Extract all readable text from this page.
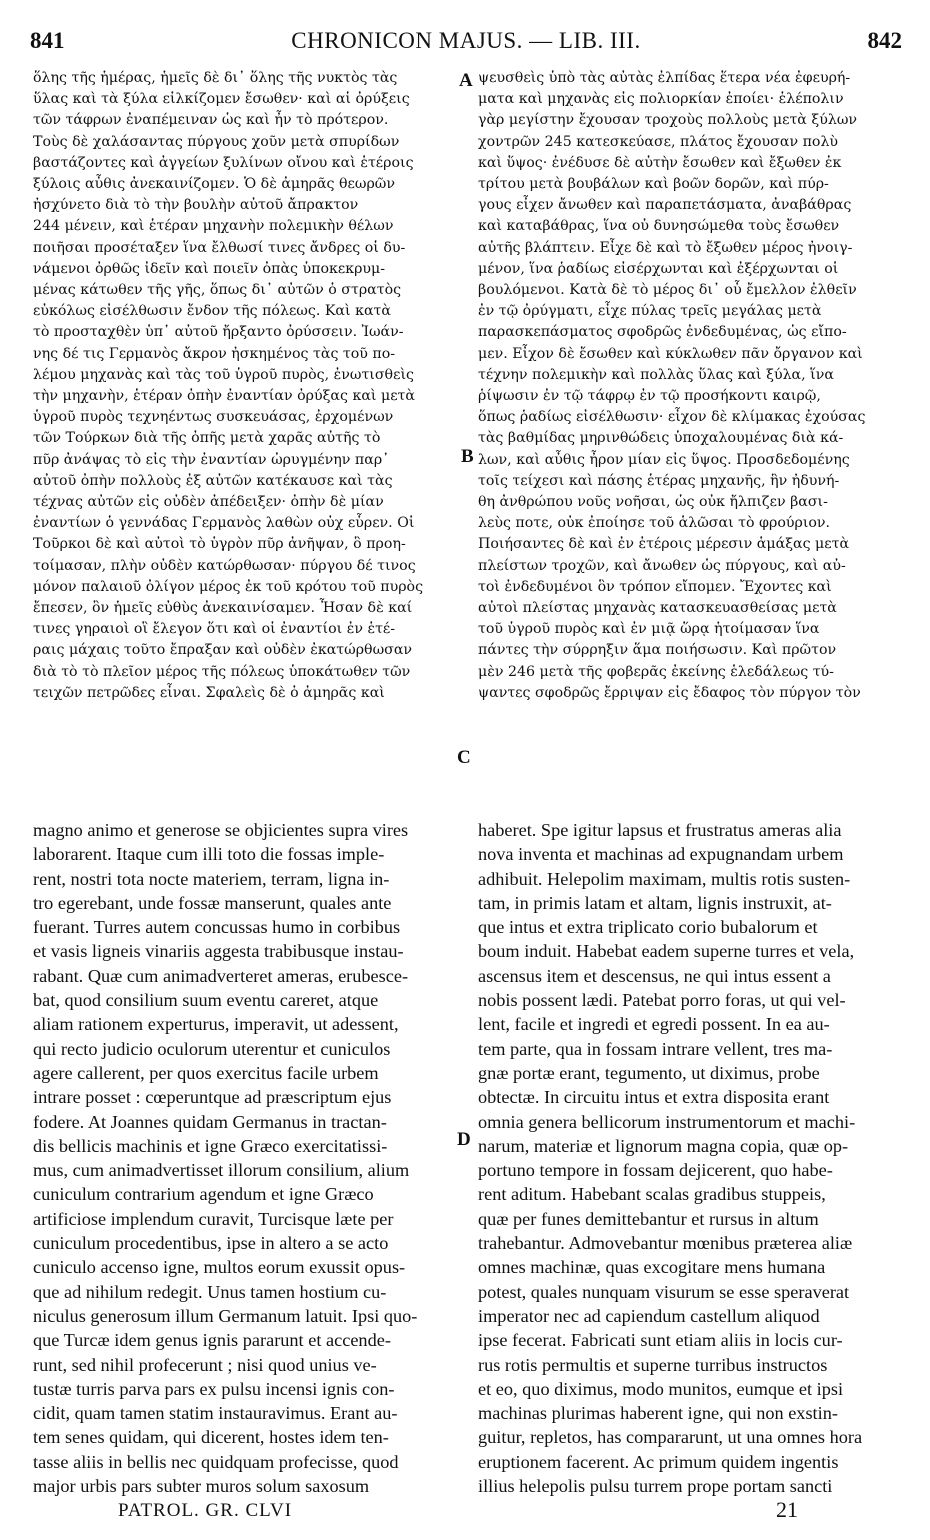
841	CHRONICON MAJUS. — LIB. III.	842
ὅλης τῆς ἡμέρας, ἡμεῖς δὲ δι᾽ ὅλης τῆς νυκτὸς τὰς
ὕλας καὶ τὰ ξύλα εἱλκίζομεν ἔσωθεν· καὶ αἱ ὀρύξεις
τῶν τάφρων ἐναπέμειναν ὡς καὶ ἦν τὸ πρότερον.
Τοὺς δὲ χαλάσαντας πύργους χοῦν μετὰ σπυρίδων
βαστάζοντες καὶ ἀγγείων ξυλίνων οἴνου καὶ ἑτέροις
ξύλοις αὖθις ἀνεκαινίζομεν. Ὁ δὲ ἀμηρᾶς θεωρῶν
ἠσχύνετο διὰ τὸ τὴν βουλὴν αὐτοῦ ἄπρακτον
244 μένειν, καὶ ἑτέραν μηχανὴν πολεμικὴν θέλων
ποιῆσαι προσέταξεν ἵνα ἔλθωσί τινες ἄνδρες οἱ δυ-
νάμενοι ὀρθῶς ἰδεῖν καὶ ποιεῖν ὀπὰς ὑποκεκρυμ-
μένας κάτωθεν τῆς γῆς, ὅπως δι᾽ αὐτῶν ὁ στρατὸς
εὐκόλως εἰσέλθωσιν ἔνδον τῆς πόλεως. Καὶ κατὰ
τὸ προσταχθὲν ὑπ᾽ αὐτοῦ ἤρξαντο ὀρύσσειν. Ἰωάν-
νης δέ τις Γερμανὸς ἄκρον ἠσκημένος τὰς τοῦ πο-
λέμου μηχανὰς καὶ τὰς τοῦ ὑγροῦ πυρὸς, ἐνωτισθεὶς
τὴν μηχανὴν, ἑτέραν ὀπὴν ἐναντίαν ὀρύξας καὶ μετὰ
ὑγροῦ πυρὸς τεχνηέντως συσκευάσας, ἐρχομένων
τῶν Τούρκων διὰ τῆς ὀπῆς μετὰ χαρᾶς αὐτῆς τὸ
πῦρ ἀνάψας τὸ εἰς τὴν ἐναντίαν ὠρυγμένην παρ᾽
αὐτοῦ ὀπὴν πολλοὺς ἐξ αὐτῶν κατέκαυσε καὶ τὰς
τέχνας αὐτῶν εἰς οὐδὲν ἀπέδειξεν· ὀπὴν δὲ μίαν
ἐναντίων ὁ γεννάδας Γερμανὸς λαθὼν οὐχ εὗρεν. Οἱ
Τοῦρκοι δὲ καὶ αὐτοὶ τὸ ὑγρὸν πῦρ ἀνῆψαν, ὃ προη-
τοίμασαν, πλὴν οὐδὲν κατώρθωσαν· πύργου δέ τινος
μόνον παλαιοῦ ὀλίγον μέρος ἐκ τοῦ κρότου τοῦ πυρὸς
ἔπεσεν, ὃν ἡμεῖς εὐθὺς ἀνεκαινίσαμεν. Ἦσαν δὲ καί
τινες γηραιοὶ οἳ ἔλεγον ὅτι καὶ οἱ ἐναντίοι ἐν ἑτέ-
ραις μάχαις τοῦτο ἔπραξαν καὶ οὐδὲν ἐκατώρθωσαν
διὰ τὸ τὸ πλεῖον μέρος τῆς πόλεως ὑποκάτωθεν τῶν
τειχῶν πετρῶδες εἶναι. Σφαλεὶς δὲ ὁ ἀμηρᾶς καὶ
ψευσθεὶς ὑπὸ τὰς αὐτὰς ἐλπίδας ἕτερα νέα ἐφευρή-
ματα καὶ μηχανὰς εἰς πολιορκίαν ἐποίει· ἑλέπολιν
γὰρ μεγίστην ἔχουσαν τροχοὺς πολλοὺς μετὰ ξύλων
χοντρῶν 245 κατεσκεύασε, πλάτος ἔχουσαν πολὺ
καὶ ὕψος· ἐνέδυσε δὲ αὐτὴν ἔσωθεν καὶ ἔξωθεν ἐκ
τρίτου μετὰ βουβάλων καὶ βοῶν δορῶν, καὶ πύρ-
γους εἶχεν ἄνωθεν καὶ παραπετάσματα, ἀναβάθρας
καὶ καταβάθρας, ἵνα οὐ δυνησώμεθα τοὺς ἔσωθεν
αὐτῆς βλάπτειν. Εἶχε δὲ καὶ τὸ ἔξωθεν μέρος ἠνοιγ-
μένον, ἵνα ῥαδίως εἰσέρχωνται καὶ ἐξέρχωνται οἱ
βουλόμενοι. Κατὰ δὲ τὸ μέρος δι᾽ οὗ ἔμελλον ἐλθεῖν
ἐν τῷ ὀρύγματι, εἶχε πύλας τρεῖς μεγάλας μετὰ
παρασκεπάσματος σφοδρῶς ἐνδεδυμένας, ὡς εἴπο-
μεν. Εἶχον δὲ ἔσωθεν καὶ κύκλωθεν πᾶν ὄργανον καὶ
τέχνην πολεμικὴν καὶ πολλὰς ὕλας καὶ ξύλα, ἵνα
ῥίψωσιν ἐν τῷ τάφρῳ ἐν τῷ προσήκοντι καιρῷ,
ὅπως ῥαδίως εἰσέλθωσιν· εἶχον δὲ κλίμακας ἐχούσας
τὰς βαθμίδας μηρινθώδεις ὑποχαλουμένας διὰ κά-
λων, καὶ αὖθις ἦρον μίαν εἰς ὕψος. Προσδεδομένης
τοῖς τείχεσι καὶ πάσης ἑτέρας μηχανῆς, ἣν ἠδυνή-
θη ἀνθρώπου νοῦς νοῆσαι, ὡς οὐκ ἤλπιζεν βασι-
λεὺς ποτε, οὐκ ἐποίησε τοῦ ἁλῶσαι τὸ φρούριον.
Ποιήσαντες δὲ καὶ ἐν ἑτέροις μέρεσιν ἁμάξας μετὰ
πλείστων τροχῶν, καὶ ἄνωθεν ὡς πύργους, καὶ αὐ-
τοὶ ἐνδεδυμένοι ὃν τρόπον εἴπομεν. Ἔχοντες καὶ
αὐτοὶ πλείστας μηχανὰς κατασκευασθείσας μετὰ
τοῦ ὑγροῦ πυρὸς καὶ ἐν μιᾷ ὥρᾳ ἡτοίμασαν ἵνα
πάντες τὴν σύρρηξιν ἅμα ποιήσωσιν. Καὶ πρῶτον
μὲν 246 μετὰ τῆς φοβερᾶς ἐκείνης ἑλεδάλεως τύ-
ψαντες σφοδρῶς ἔρριψαν εἰς ἔδαφος τὸν πύργον τὸν
A
B
C
D
magno animo et generose se objicientes supra vires
laborarent. Itaque cum illi toto die fossas imple-
rent, nostri tota nocte materiem, terram, ligna in-
tro egerebant, unde fossæ manserunt, quales ante
fuerant. Turres autem concussas humo in corbibus
et vasis ligneis vinariis aggesta trabibusque instau-
rabant. Quæ cum animadverteret ameras, erubesce-
bat, quod consilium suum eventu careret, atque
aliam rationem experturus, imperavit, ut adessent,
qui recto judicio oculorum uterentur et cuniculos
agere callerent, per quos exercitus facile urbem
intrare posset : cœperuntque ad præscriptum ejus
fodere. At Joannes quidam Germanus in tractan-
dis bellicis machinis et igne Græco exercitatissi-
mus, cum animadvertisset illorum consilium, alium
cuniculum contrarium agendum et igne Græco
artificiose implendum curavit, Turcisque læte per
cuniculum procedentibus, ipse in altero a se acto
cuniculo accenso igne, multos eorum exussit opus-
que ad nihilum redegit. Unus tamen hostium cu-
niculus generosum illum Germanum latuit. Ipsi quo-
que Turcæ idem genus ignis pararunt et accende-
runt, sed nihil profecerunt ; nisi quod unius ve-
tustæ turris parva pars ex pulsu incensi ignis con-
cidit, quam tamen statim instauravimus. Erant au-
tem senes quidam, qui dicerent, hostes idem ten-
tasse aliis in bellis nec quidquam profecisse, quod
major urbis pars subter muros solum saxosum
haberet. Spe igitur lapsus et frustratus ameras alia
nova inventa et machinas ad expugnandam urbem
adhibuit. Helepolim maximam, multis rotis susten-
tam, in primis latam et altam, lignis instruxit, at-
que intus et extra triplicato corio bubalorum et
boum induit. Habebat eadem superne turres et vela,
ascensus item et descensus, ne qui intus essent a
nobis possent lædi. Patebat porro foras, ut qui vel-
lent, facile et ingredi et egredi possent. In ea au-
tem parte, qua in fossam intrare vellent, tres ma-
gnæ portæ erant, tegumento, ut diximus, probe
obtectæ. In circuitu intus et extra disposita erant
omnia genera bellicorum instrumentorum et machi-
narum, materiæ et lignorum magna copia, quæ op-
portuno tempore in fossam dejicerent, quo habe-
rent aditum. Habebant scalas gradibus stuppeis,
quæ per funes demittebantur et rursus in altum
trahebantur. Admovebantur mœnibus præterea aliæ
omnes machinæ, quas excogitare mens humana
potest, quales nunquam visurum se esse speraverat
imperator nec ad capiendum castellum aliquod
ipse fecerat. Fabricati sunt etiam aliis in locis cur-
rus rotis permultis et superne turribus instructos
et eo, quo diximus, modo munitos, eumque et ipsi
machinas plurimas haberent igne, qui non exstin-
guitur, repletos, has compararunt, ut una omnes hora
eruptionem facerent. Ac primum quidem ingentis
illius helepolis pulsu turrem prope portam sancti
PATROL. GR. CLVI	21
